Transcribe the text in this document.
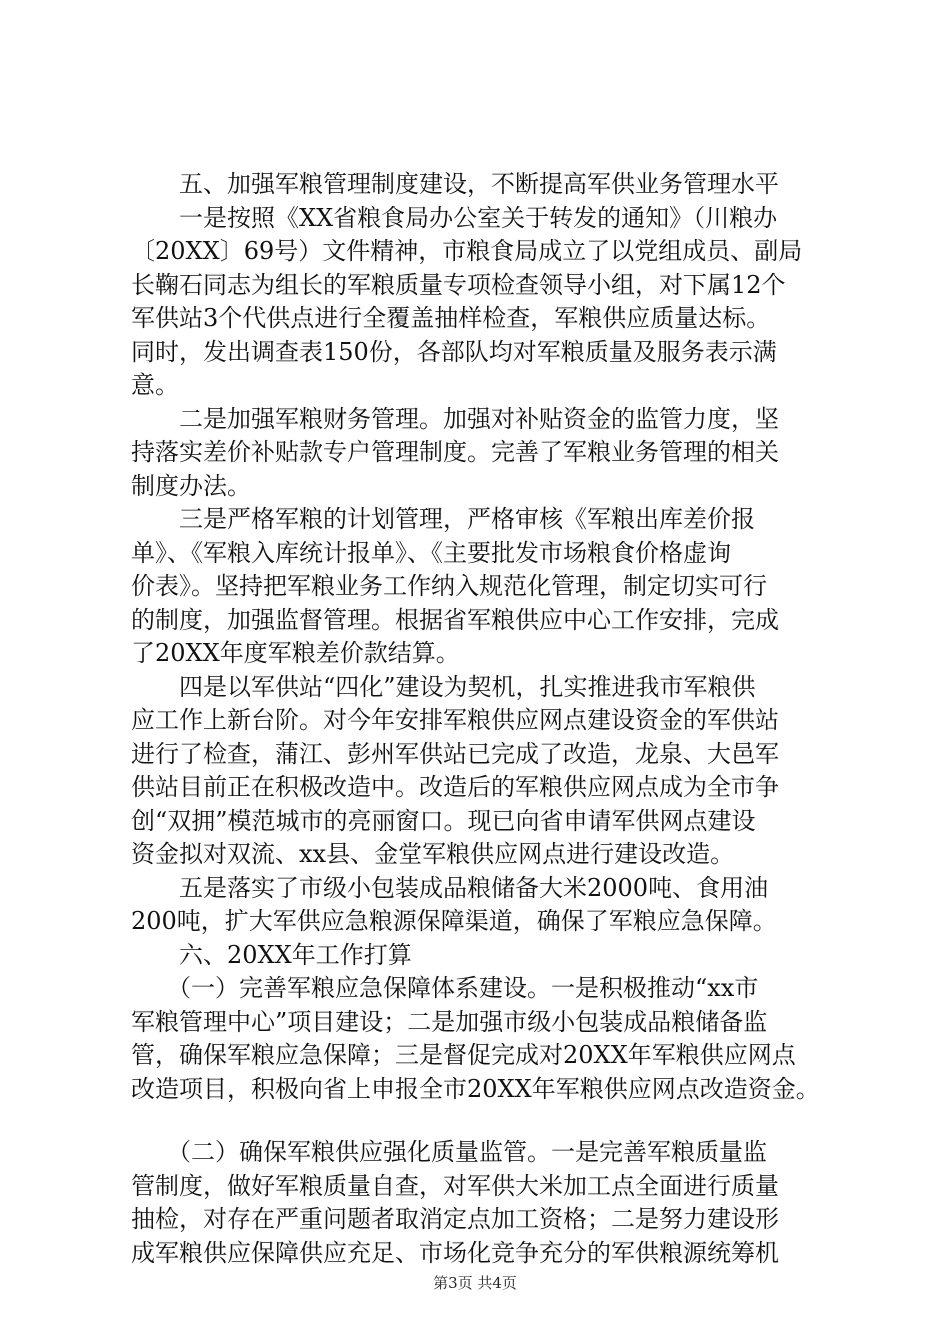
　　五、加强军粮管理制度建设，不断提高军供业务管理水平
　　一是按照《XX省粮食局办公室关于转发的通知》（川粮办
〔20XX〕69号）文件精神，市粮食局成立了以党组成员、副局
长鞠石同志为组长的军粮质量专项检查领导小组，对下属12个
军供站3个代供点进行全覆盖抽样检查，军粮供应质量达标。
同时，发出调查表150份，各部队均对军粮质量及服务表示满
意。
　　二是加强军粮财务管理。加强对补贴资金的监管力度，坚
持落实差价补贴款专户管理制度。完善了军粮业务管理的相关
制度办法。
　　三是严格军粮的计划管理，严格审核《军粮出库差价报
单》、《军粮入库统计报单》、《主要批发市场粮食价格虚询
价表》。坚持把军粮业务工作纳入规范化管理，制定切实可行
的制度，加强监督管理。根据省军粮供应中心工作安排，完成
了20XX年度军粮差价款结算。
　　四是以军供站“四化”建设为契机，扎实推进我市军粮供
应工作上新台阶。对今年安排军粮供应网点建设资金的军供站
进行了检查，蒲江、彭州军供站已完成了改造，龙泉、大邑军
供站目前正在积极改造中。改造后的军粮供应网点成为全市争
创“双拥”模范城市的亮丽窗口。现已向省申请军供网点建设
资金拟对双流、xx县、金堂军粮供应网点进行建设改造。
　　五是落实了市级小包装成品粮储备大米2000吨、食用油
200吨，扩大军供应急粮源保障渠道，确保了军粮应急保障。
　　六、20XX年工作打算
　　（一）完善军粮应急保障体系建设。一是积极推动“xx市
军粮管理中心”项目建设；二是加强市级小包装成品粮储备监
管，确保军粮应急保障；三是督促完成对20XX年军粮供应网点
改造项目，积极向省上申报全市20XX年军粮供应网点改造资金。
　　（二）确保军粮供应强化质量监管。一是完善军粮质量监
管制度，做好军粮质量自查，对军供大米加工点全面进行质量
抽检，对存在严重问题者取消定点加工资格；二是努力建设形
成军粮供应保障供应充足、市场化竞争充分的军供粮源统筹机
第3页 共4页
